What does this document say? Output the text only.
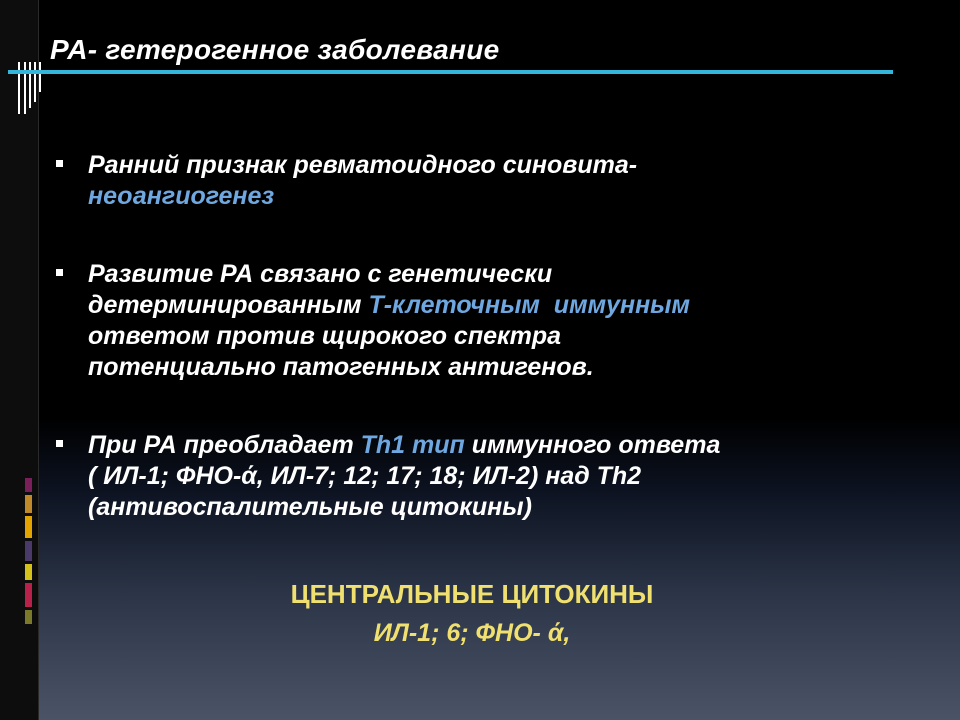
РА- гетерогенное заболевание
Ранний признак ревматоидного синовита-
неоангиогенез
Развитие РА связано с генетически
детерминированным Т-клеточным  иммунным
ответом против щирокого спектра
потенциально патогенных антигенов.
При РА преобладает Th1 тип иммунного ответа
( ИЛ-1; ФНО-ά, ИЛ-7; 12; 17; 18; ИЛ-2) над Th2
(антивоспалительные цитокины)
ЦЕНТРАЛЬНЫЕ ЦИТОКИНЫ
ИЛ-1; 6; ФНО- ά,
